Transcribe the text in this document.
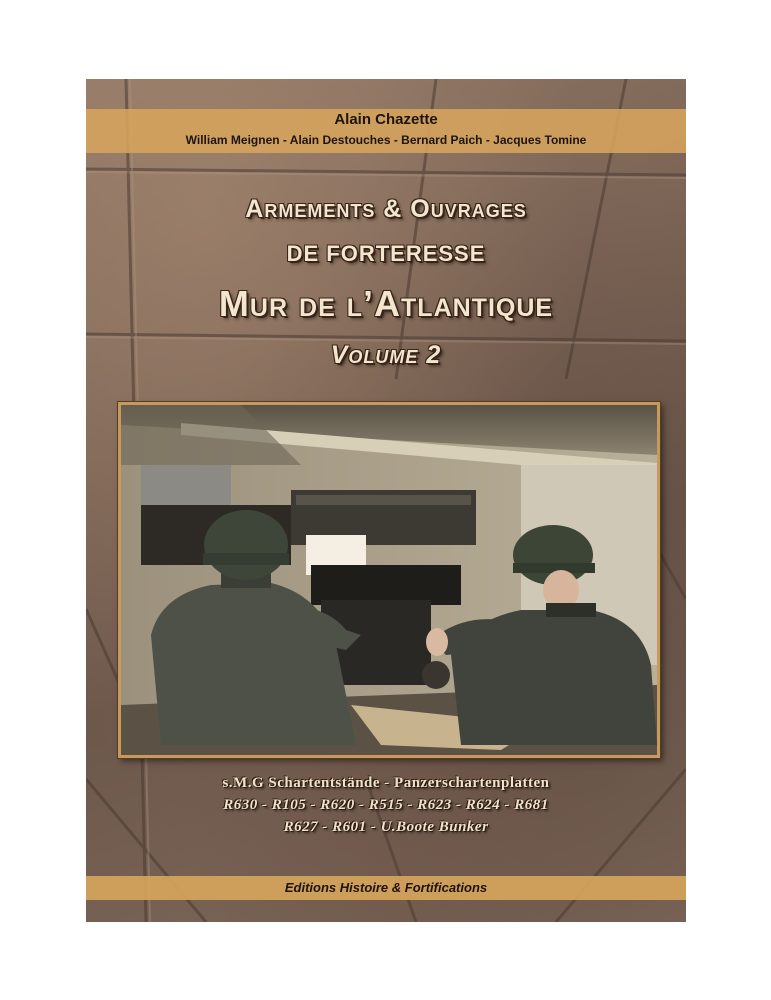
Alain Chazette
William Meignen - Alain Destouches - Bernard Paich - Jacques Tomine
Armements & Ouvrages
DE FORTERESSE
Mur de l’Atlantique
Volume 2
s.M.G Schartentstände - Panzerschartenplatten
R630 - R105 - R620 - R515 - R623 - R624 - R681
R627 - R601 - U.Boote Bunker
Editions Histoire & Fortifications
